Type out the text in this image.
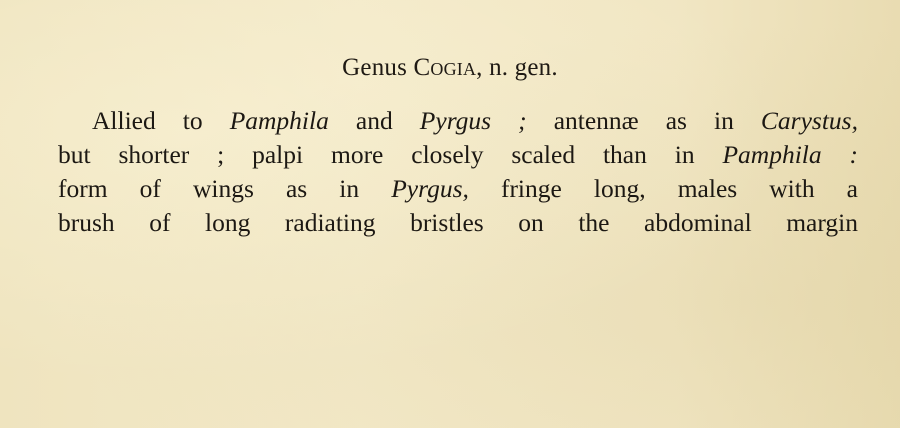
Genus Cogia, n. gen.
Allied to Pamphila and Pyrgus ; antennæ as in Carystus,
but shorter ; palpi more closely scaled than in Pamphila :
form of wings as in Pyrgus, fringe long, males with a
brush of long radiating bristles on the abdominal margin
